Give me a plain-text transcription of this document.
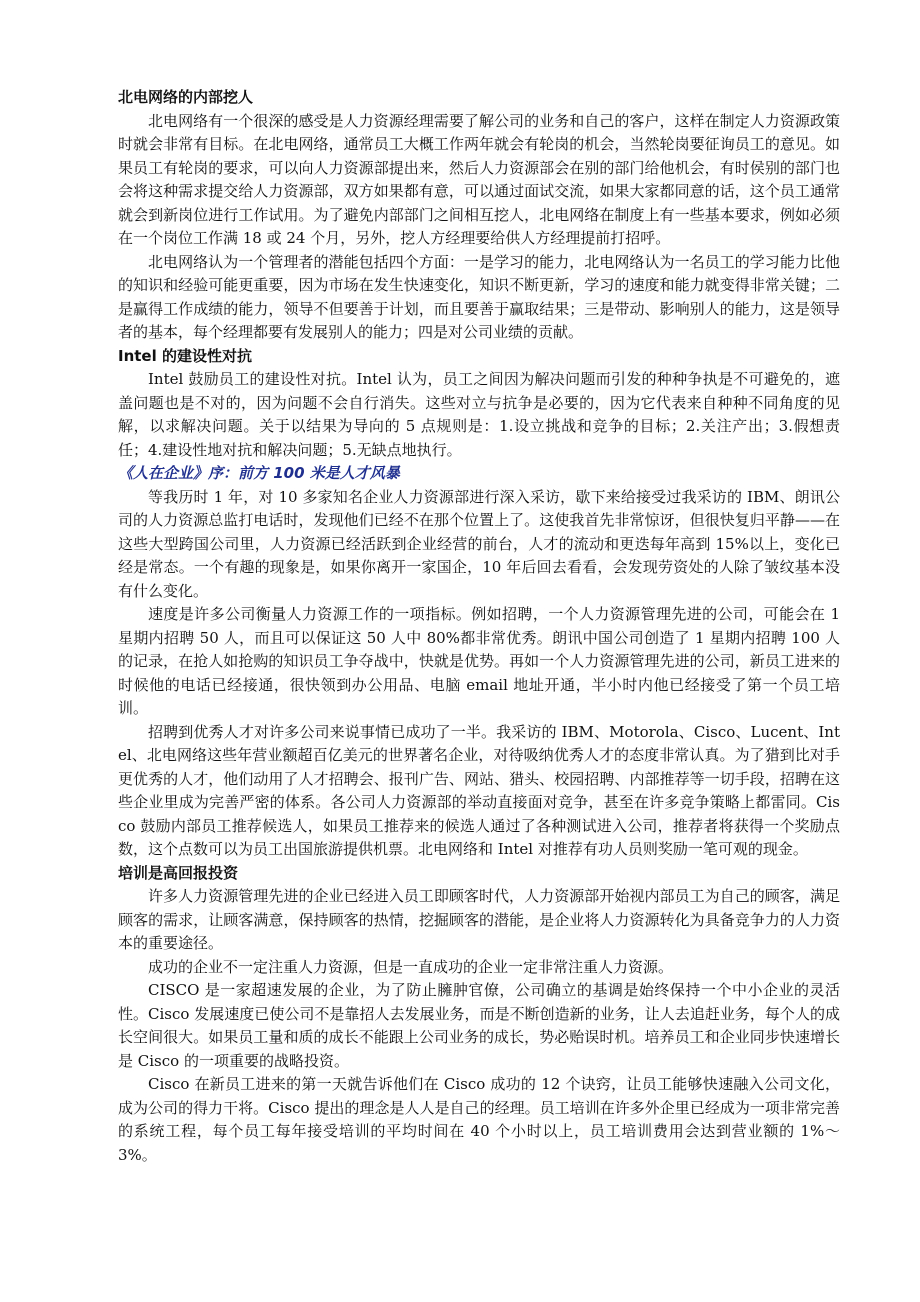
北电网络的内部挖人
北电网络有一个很深的感受是人力资源经理需要了解公司的业务和自己的客户，这样在制定人力资源政策时就会非常有目标。在北电网络，通常员工大概工作两年就会有轮岗的机会，当然轮岗要征询员工的意见。如果员工有轮岗的要求，可以向人力资源部提出来，然后人力资源部会在别的部门给他机会，有时侯别的部门也会将这种需求提交给人力资源部，双方如果都有意，可以通过面试交流，如果大家都同意的话，这个员工通常就会到新岗位进行工作试用。为了避免内部部门之间相互挖人，北电网络在制度上有一些基本要求，例如必须在一个岗位工作满 18 或 24 个月，另外，挖人方经理要给供人方经理提前打招呼。
北电网络认为一个管理者的潜能包括四个方面：一是学习的能力，北电网络认为一名员工的学习能力比他的知识和经验可能更重要，因为市场在发生快速变化，知识不断更新，学习的速度和能力就变得非常关键；二是赢得工作成绩的能力，领导不但要善于计划，而且要善于赢取结果；三是带动、影响别人的能力，这是领导者的基本，每个经理都要有发展别人的能力；四是对公司业绩的贡献。
Intel 的建设性对抗
Intel 鼓励员工的建设性对抗。Intel 认为，员工之间因为解决问题而引发的种种争执是不可避免的，遮盖问题也是不对的，因为问题不会自行消失。这些对立与抗争是必要的，因为它代表来自种种不同角度的见解，以求解决问题。关于以结果为导向的 5 点规则是：1.设立挑战和竞争的目标；2.关注产出；3.假想责任；4.建设性地对抗和解决问题；5.无缺点地执行。
《人在企业》序：前方 100 米是人才风暴
等我历时 1 年，对 10 多家知名企业人力资源部进行深入采访，歇下来给接受过我采访的 IBM、朗讯公司的人力资源总监打电话时，发现他们已经不在那个位置上了。这使我首先非常惊讶，但很快复归平静——在这些大型跨国公司里，人力资源已经活跃到企业经营的前台，人才的流动和更迭每年高到 15%以上，变化已经是常态。一个有趣的现象是，如果你离开一家国企，10 年后回去看看，会发现劳资处的人除了皱纹基本没有什么变化。
速度是许多公司衡量人力资源工作的一项指标。例如招聘，一个人力资源管理先进的公司，可能会在 1 星期内招聘 50 人，而且可以保证这 50 人中 80%都非常优秀。朗讯中国公司创造了 1 星期内招聘 100 人的记录，在抢人如抢购的知识员工争夺战中，快就是优势。再如一个人力资源管理先进的公司，新员工进来的时候他的电话已经接通，很快领到办公用品、电脑 email 地址开通，半小时内他已经接受了第一个员工培训。
招聘到优秀人才对许多公司来说事情已成功了一半。我采访的 IBM、Motorola、Cisco、Lucent、Intel、北电网络这些年营业额超百亿美元的世界著名企业，对待吸纳优秀人才的态度非常认真。为了猎到比对手更优秀的人才，他们动用了人才招聘会、报刊广告、网站、猎头、校园招聘、内部推荐等一切手段，招聘在这些企业里成为完善严密的体系。各公司人力资源部的举动直接面对竞争，甚至在许多竞争策略上都雷同。Cisco 鼓励内部员工推荐候选人，如果员工推荐来的候选人通过了各种测试进入公司，推荐者将获得一个奖励点数，这个点数可以为员工出国旅游提供机票。北电网络和 Intel 对推荐有功人员则奖励一笔可观的现金。
培训是高回报投资
许多人力资源管理先进的企业已经进入员工即顾客时代，人力资源部开始视内部员工为自己的顾客，满足顾客的需求，让顾客满意，保持顾客的热情，挖掘顾客的潜能，是企业将人力资源转化为具备竞争力的人力资本的重要途径。
成功的企业不一定注重人力资源，但是一直成功的企业一定非常注重人力资源。
CISCO 是一家超速发展的企业，为了防止臃肿官僚，公司确立的基调是始终保持一个中小企业的灵活性。Cisco 发展速度已使公司不是靠招人去发展业务，而是不断创造新的业务，让人去追赶业务，每个人的成长空间很大。如果员工量和质的成长不能跟上公司业务的成长，势必贻误时机。培养员工和企业同步快速增长是 Cisco 的一项重要的战略投资。
Cisco 在新员工进来的第一天就告诉他们在 Cisco 成功的 12 个诀窍，让员工能够快速融入公司文化，成为公司的得力干将。Cisco 提出的理念是人人是自己的经理。员工培训在许多外企里已经成为一项非常完善的系统工程，每个员工每年接受培训的平均时间在 40 个小时以上，员工培训费用会达到营业额的 1%～3%。
